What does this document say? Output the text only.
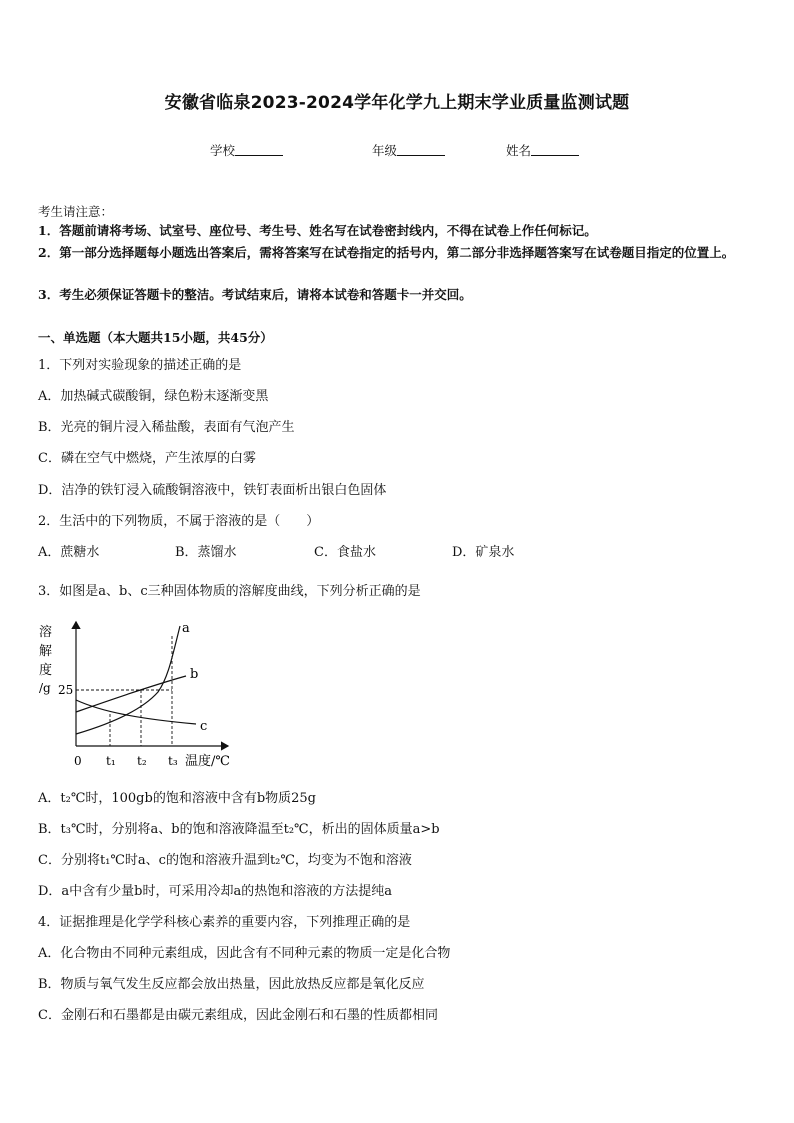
安徽省临泉2023-2024学年化学九上期末学业质量监测试题
学校	年级	姓名
考生请注意：
1．答题前请将考场、试室号、座位号、考生号、姓名写在试卷密封线内，不得在试卷上作任何标记。
2．第一部分选择题每小题选出答案后，需将答案写在试卷指定的括号内，第二部分非选择题答案写在试卷题目指定的位置上。
3．考生必须保证答题卡的整洁。考试结束后，请将本试卷和答题卡一并交回。
一、单选题（本大题共15小题，共45分）
1．下列对实验现象的描述正确的是
A．加热碱式碳酸铜，绿色粉末逐渐变黑
B．光亮的铜片浸入稀盐酸，表面有气泡产生
C．磷在空气中燃烧，产生浓厚的白雾
D．洁净的铁钉浸入硫酸铜溶液中，铁钉表面析出银白色固体
2．生活中的下列物质，不属于溶液的是（　　）
A．蔗糖水	B．蒸馏水	C．食盐水	D．矿泉水
3．如图是a、b、c三种固体物质的溶解度曲线，下列分析正确的是
溶
解
度
/g 25
a
b
c
0 t₁ t₂ t₃ 温度/℃
A．t₂℃时，100gb的饱和溶液中含有b物质25g
B．t₃℃时，分别将a、b的饱和溶液降温至t₂℃，析出的固体质量a>b
C．分别将t₁℃时a、c的饱和溶液升温到t₂℃，均变为不饱和溶液
D．a中含有少量b时，可采用冷却a的热饱和溶液的方法提纯a
4．证据推理是化学学科核心素养的重要内容，下列推理正确的是
A．化合物由不同种元素组成，因此含有不同种元素的物质一定是化合物
B．物质与氧气发生反应都会放出热量，因此放热反应都是氧化反应
C．金刚石和石墨都是由碳元素组成，因此金刚石和石墨的性质都相同
